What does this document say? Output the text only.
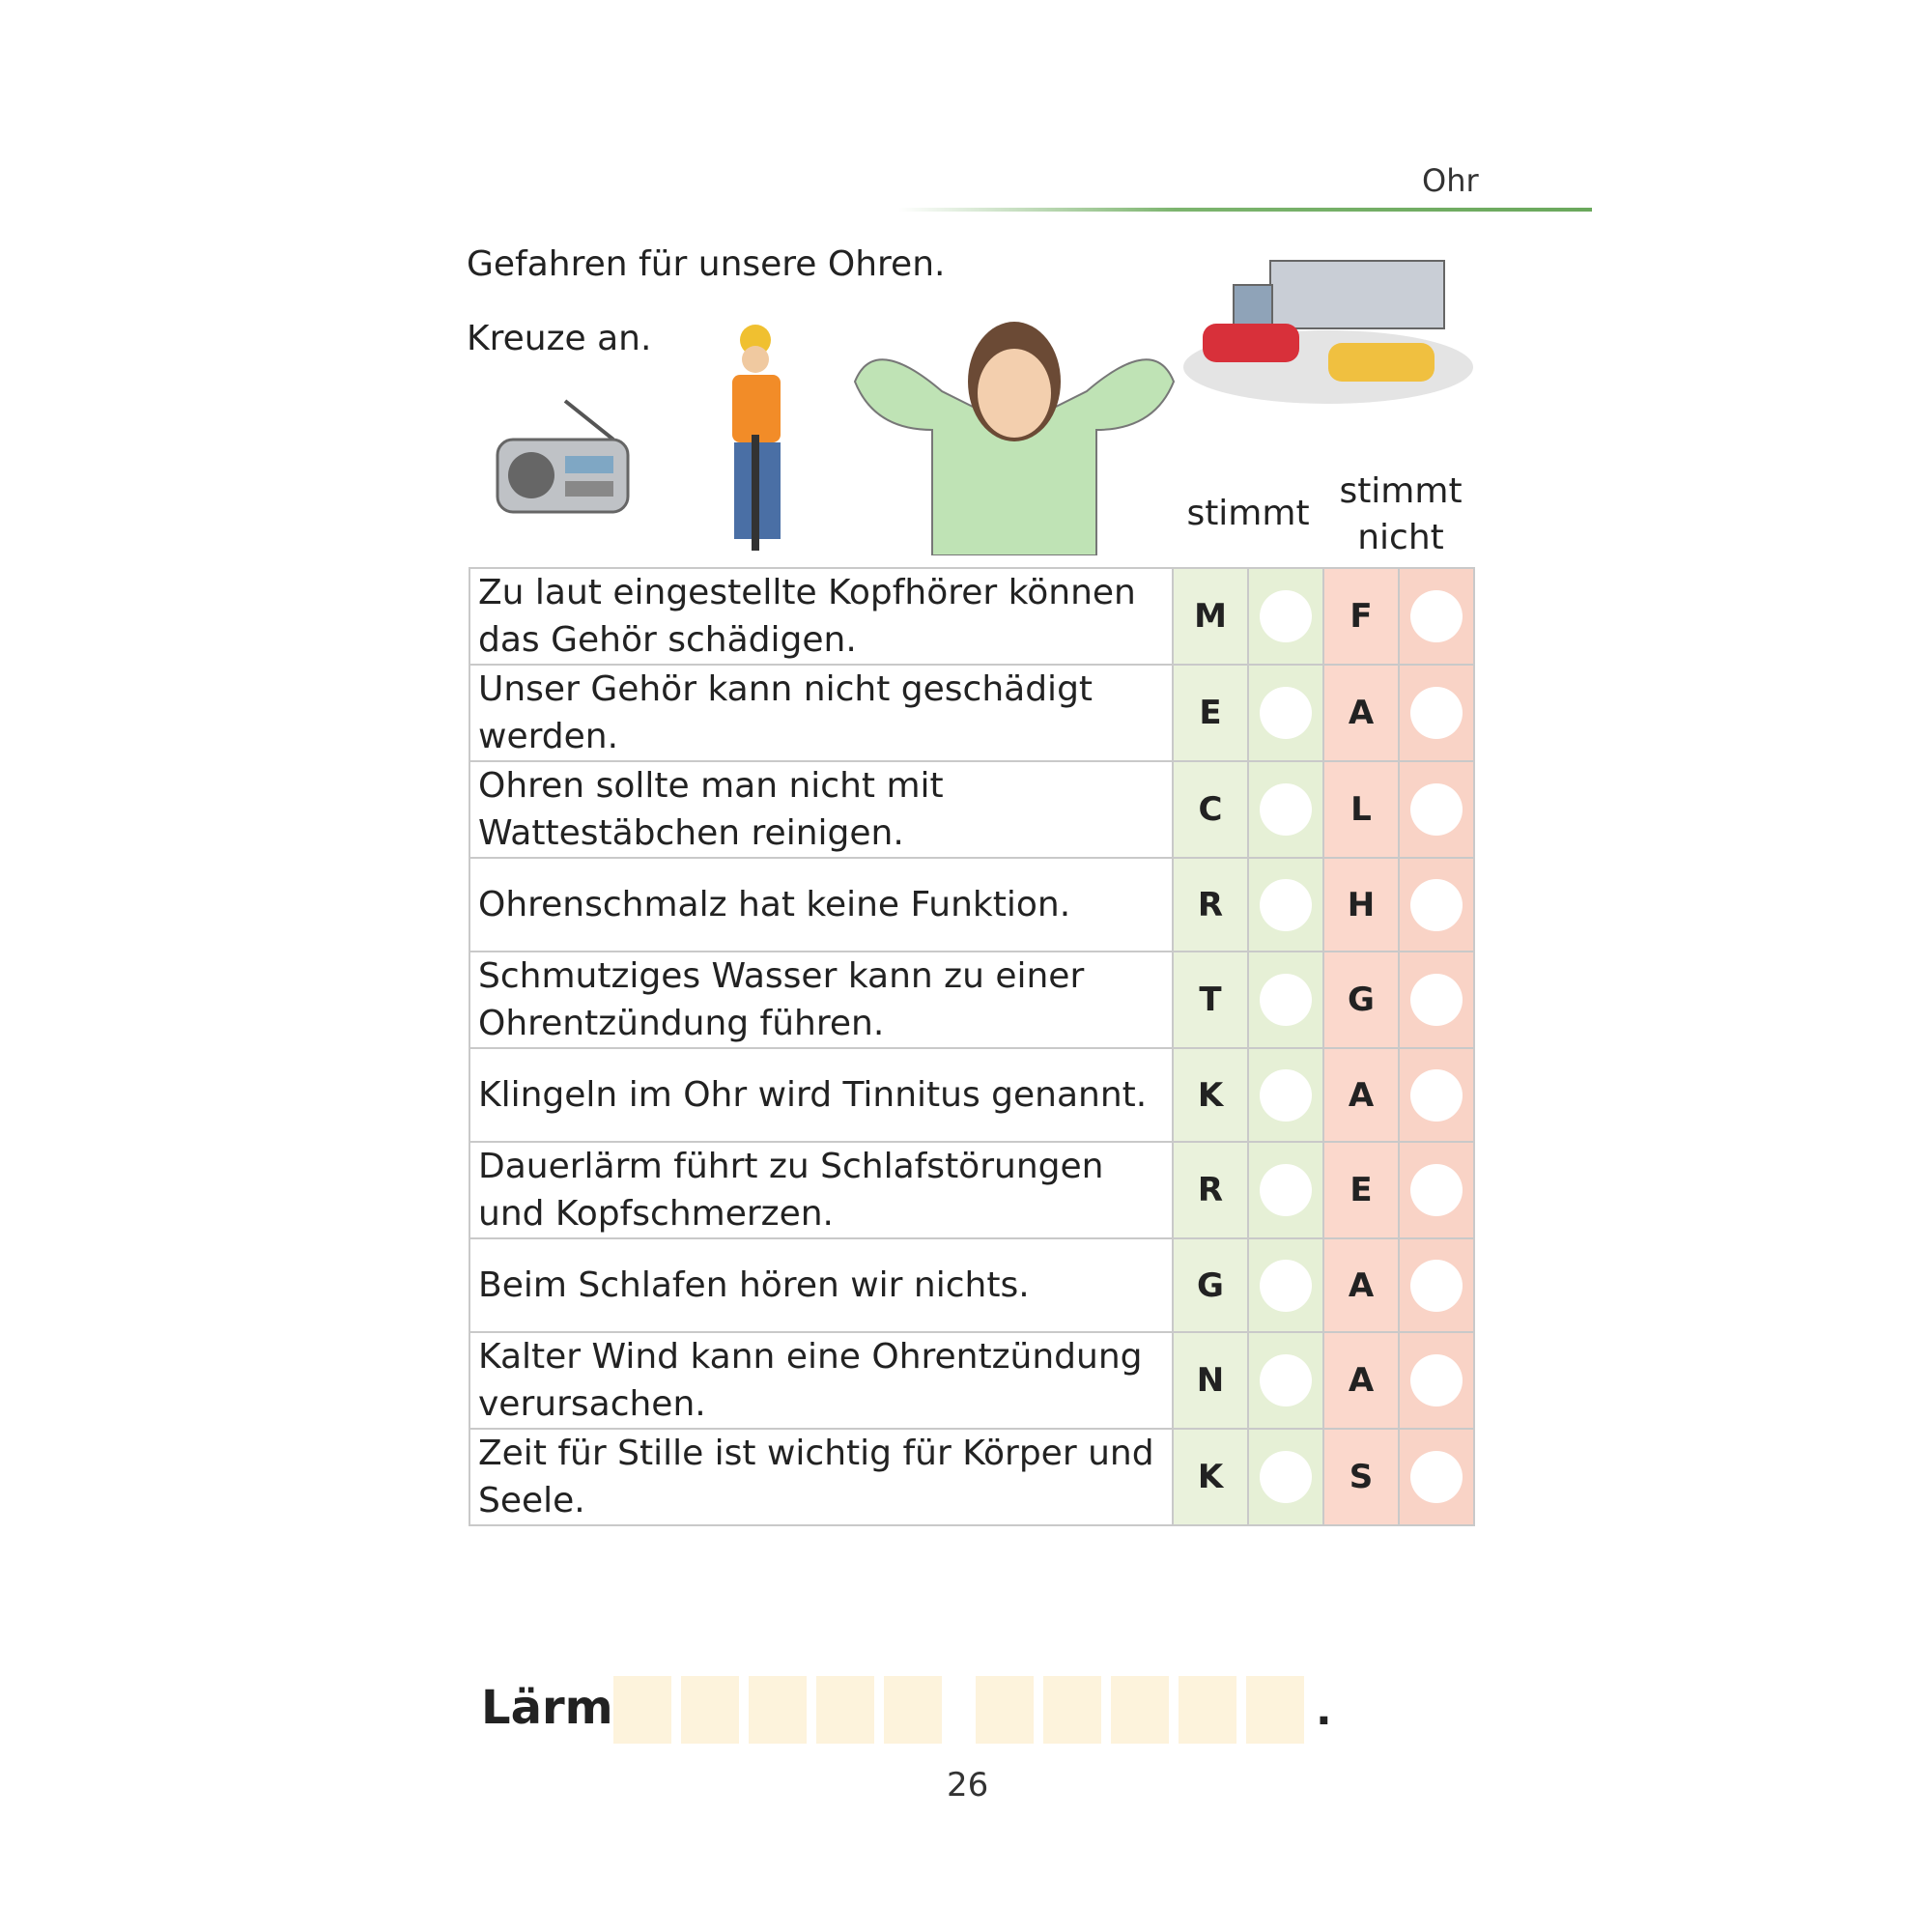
Ohr
Gefahren für unsere Ohren.
Kreuze an.
stimmt
stimmt
nicht
Zu laut eingestellte Kopfhörer können das Gehör schädigen.	M		F	

Unser Gehör kann nicht geschädigt werden.	E		A	

Ohren sollte man nicht mit Wattestäbchen reinigen.	C		L	

Ohrenschmalz hat keine Funktion.	R		H	

Schmutziges Wasser kann zu einer Ohrentzündung führen.	T		G	

Klingeln im Ohr wird Tinnitus genannt.	K		A	

Dauerlärm führt zu Schlafstörungen und Kopfschmerzen.	R		E	

Beim Schlafen hören wir nichts.	G		A	

Kalter Wind kann eine Ohrentzündung verursachen.	N		A	

Zeit für Stille ist wichtig für Körper und Seele.	K		S	
Lärm	.
26
